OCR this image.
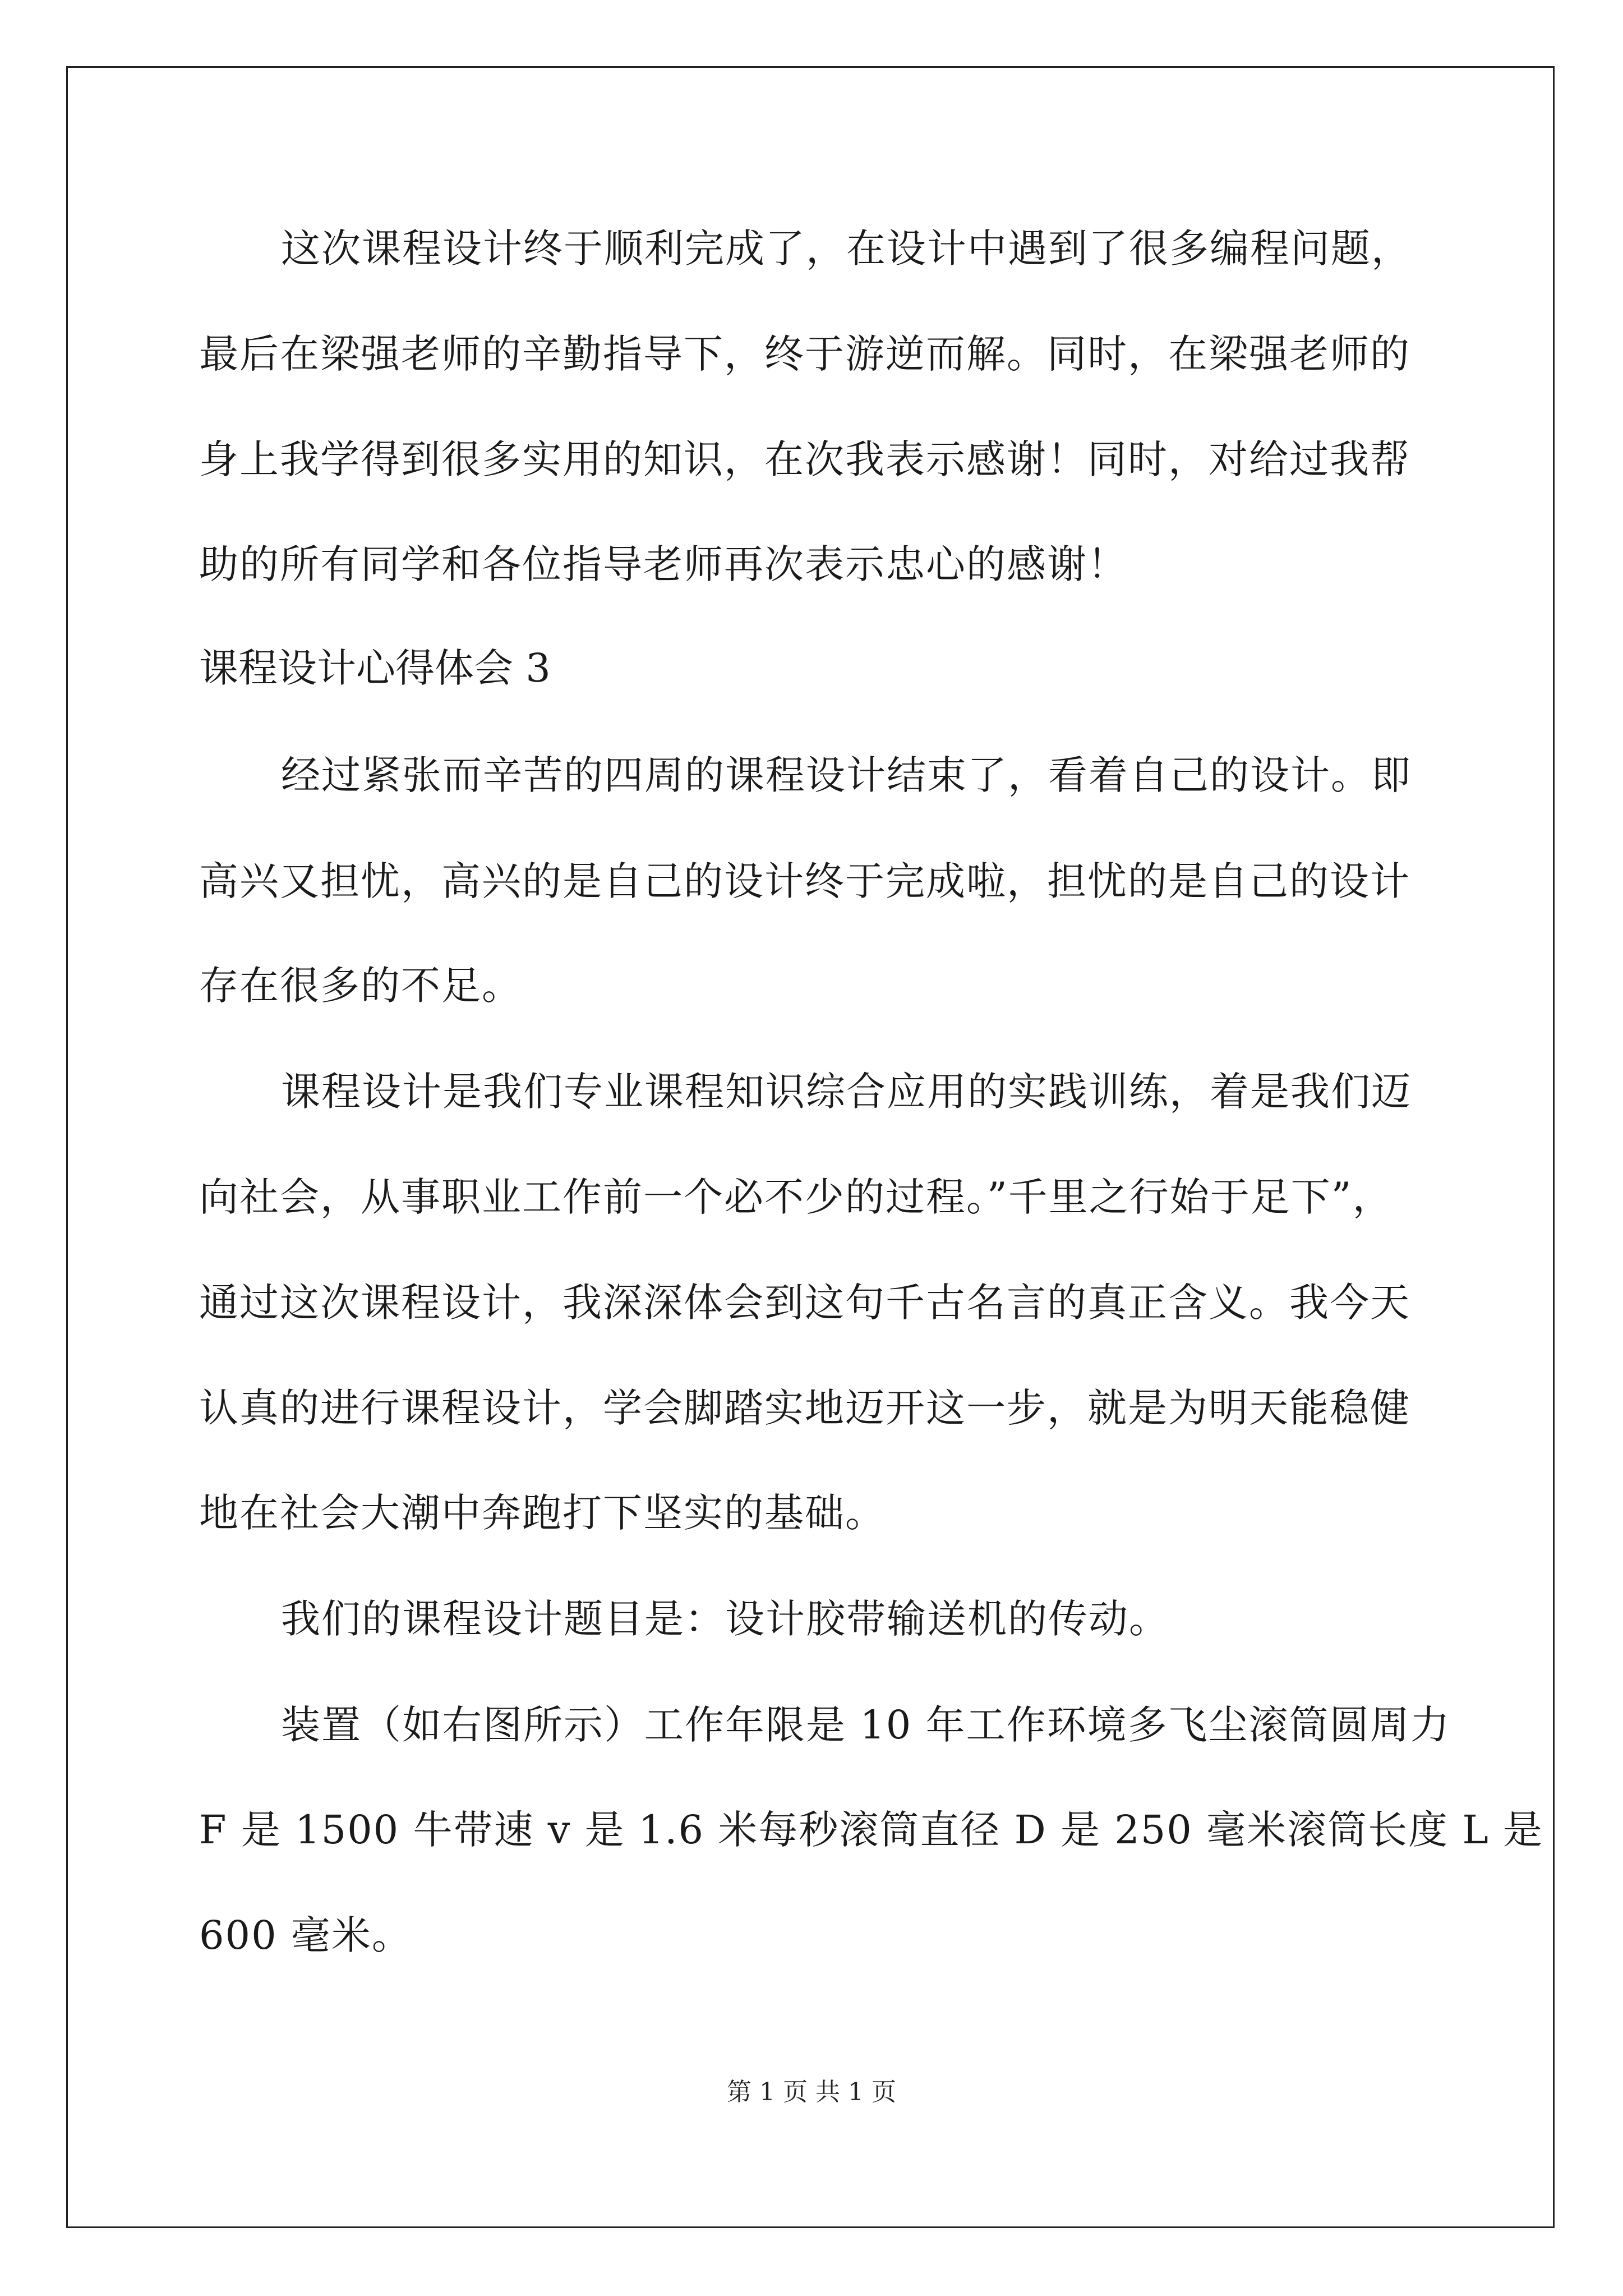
这次课程设计终于顺利完成了，在设计中遇到了很多编程问题，
最后在梁强老师的辛勤指导下，终于游逆而解。同时，在梁强老师的
身上我学得到很多实用的知识，在次我表示感谢！同时，对给过我帮
助的所有同学和各位指导老师再次表示忠心的感谢！
课程设计心得体会 3
经过紧张而辛苦的四周的课程设计结束了，看着自己的设计。即
高兴又担忧，高兴的是自己的设计终于完成啦，担忧的是自己的设计
存在很多的不足。
课程设计是我们专业课程知识综合应用的实践训练，着是我们迈
向社会，从事职业工作前一个必不少的过程。”千里之行始于足下”，
通过这次课程设计，我深深体会到这句千古名言的真正含义。我今天
认真的进行课程设计，学会脚踏实地迈开这一步，就是为明天能稳健
地在社会大潮中奔跑打下坚实的基础。
我们的课程设计题目是：设计胶带输送机的传动。
装置（如右图所示）工作年限是 10 年工作环境多飞尘滚筒圆周力
F 是 1500 牛带速 v 是 1.6 米每秒滚筒直径 D 是 250 毫米滚筒长度 L 是
600 毫米。
第 1 页 共 1 页
